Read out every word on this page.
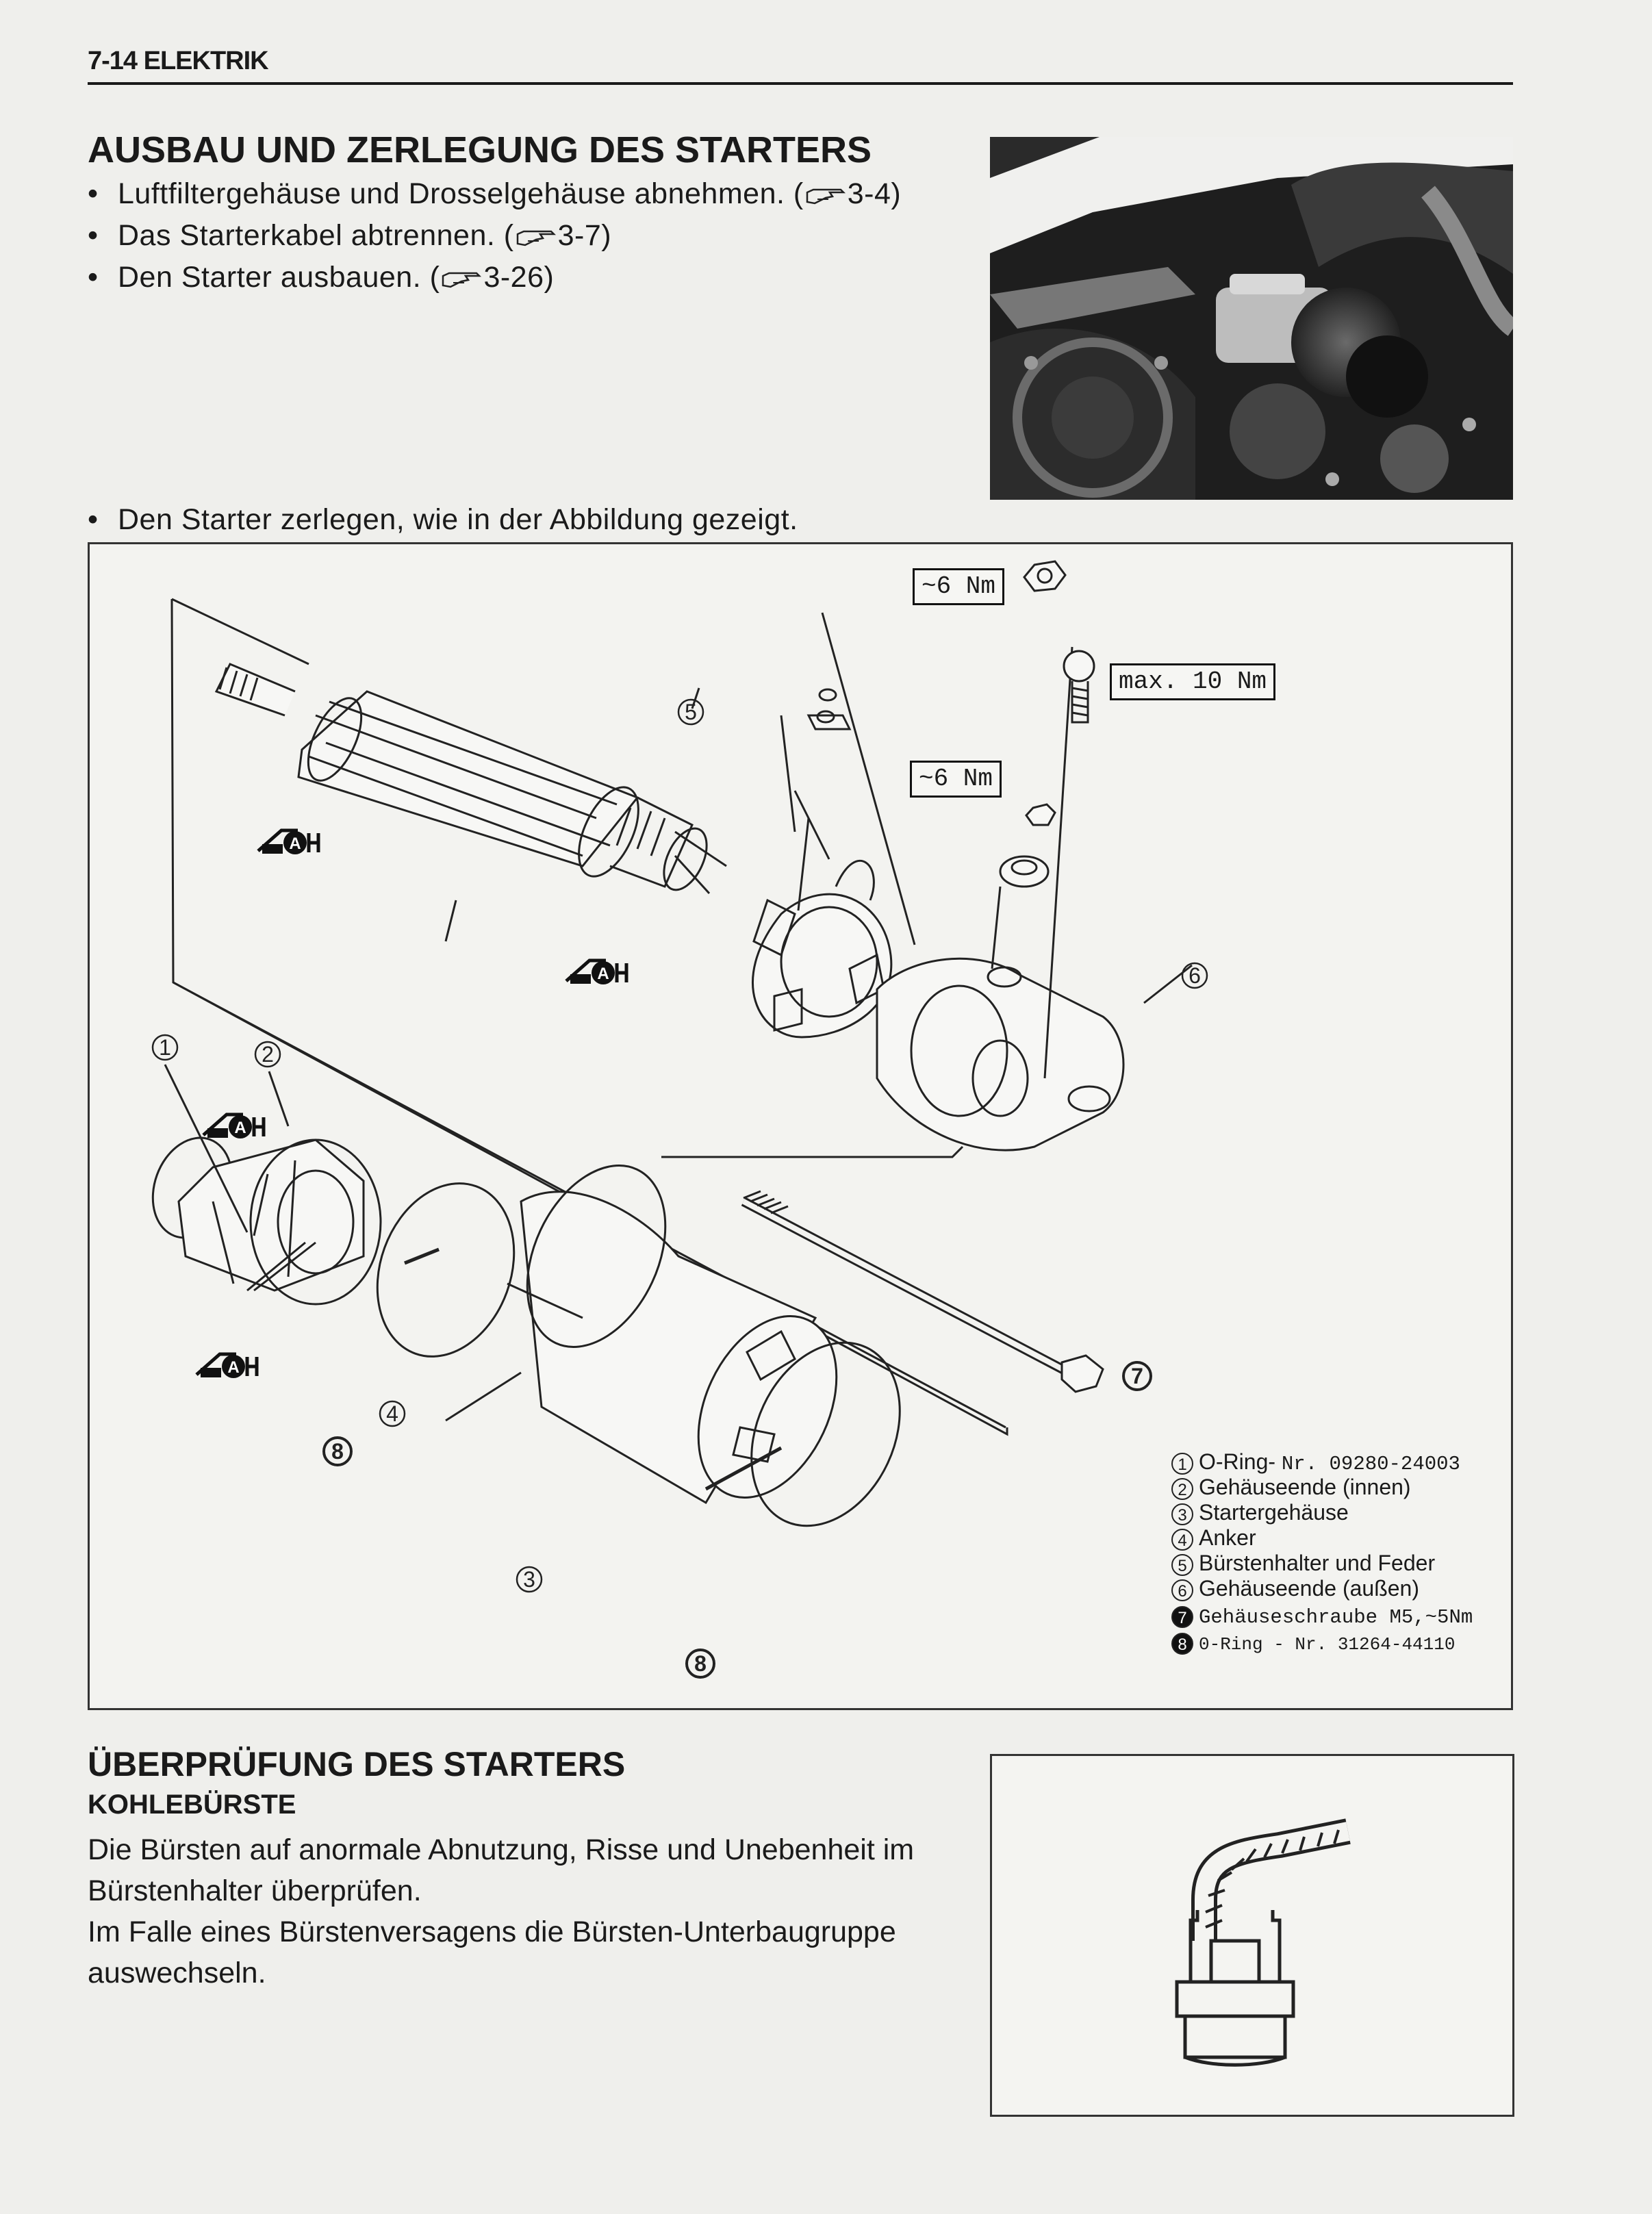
7-14 ELEKTRIK
AUSBAU UND ZERLEGUNG DES STARTERS
• Luftfiltergehäuse und Drosselgehäuse abnehmen. ( 3-4)
• Das Starterkabel abtrennen. ( 3-7)
• Den Starter ausbauen. ( 3-26)
• Den Starter zerlegen, wie in der Abbildung gezeigt.
A
A
A
A
1	2
3
4
5
6
7
8
8
~6 Nm
max. 10 Nm
~6 Nm
1 O-Ring- Nr. 09280-24003
2 Gehäuseende (innen)
3 Startergehäuse
4 Anker
5 Bürstenhalter und Feder
6 Gehäuseende (außen)
7 Gehäuseschraube M5,~5Nm
8 0-Ring - Nr. 31264-44110
ÜBERPRÜFUNG DES STARTERS
KOHLEBÜRSTE
Die Bürsten auf anormale Abnutzung, Risse und Unebenheit im Bürstenhalter überprüfen.
Im Falle eines Bürstenversagens die Bürsten-Unterbaugruppe auswechseln.
